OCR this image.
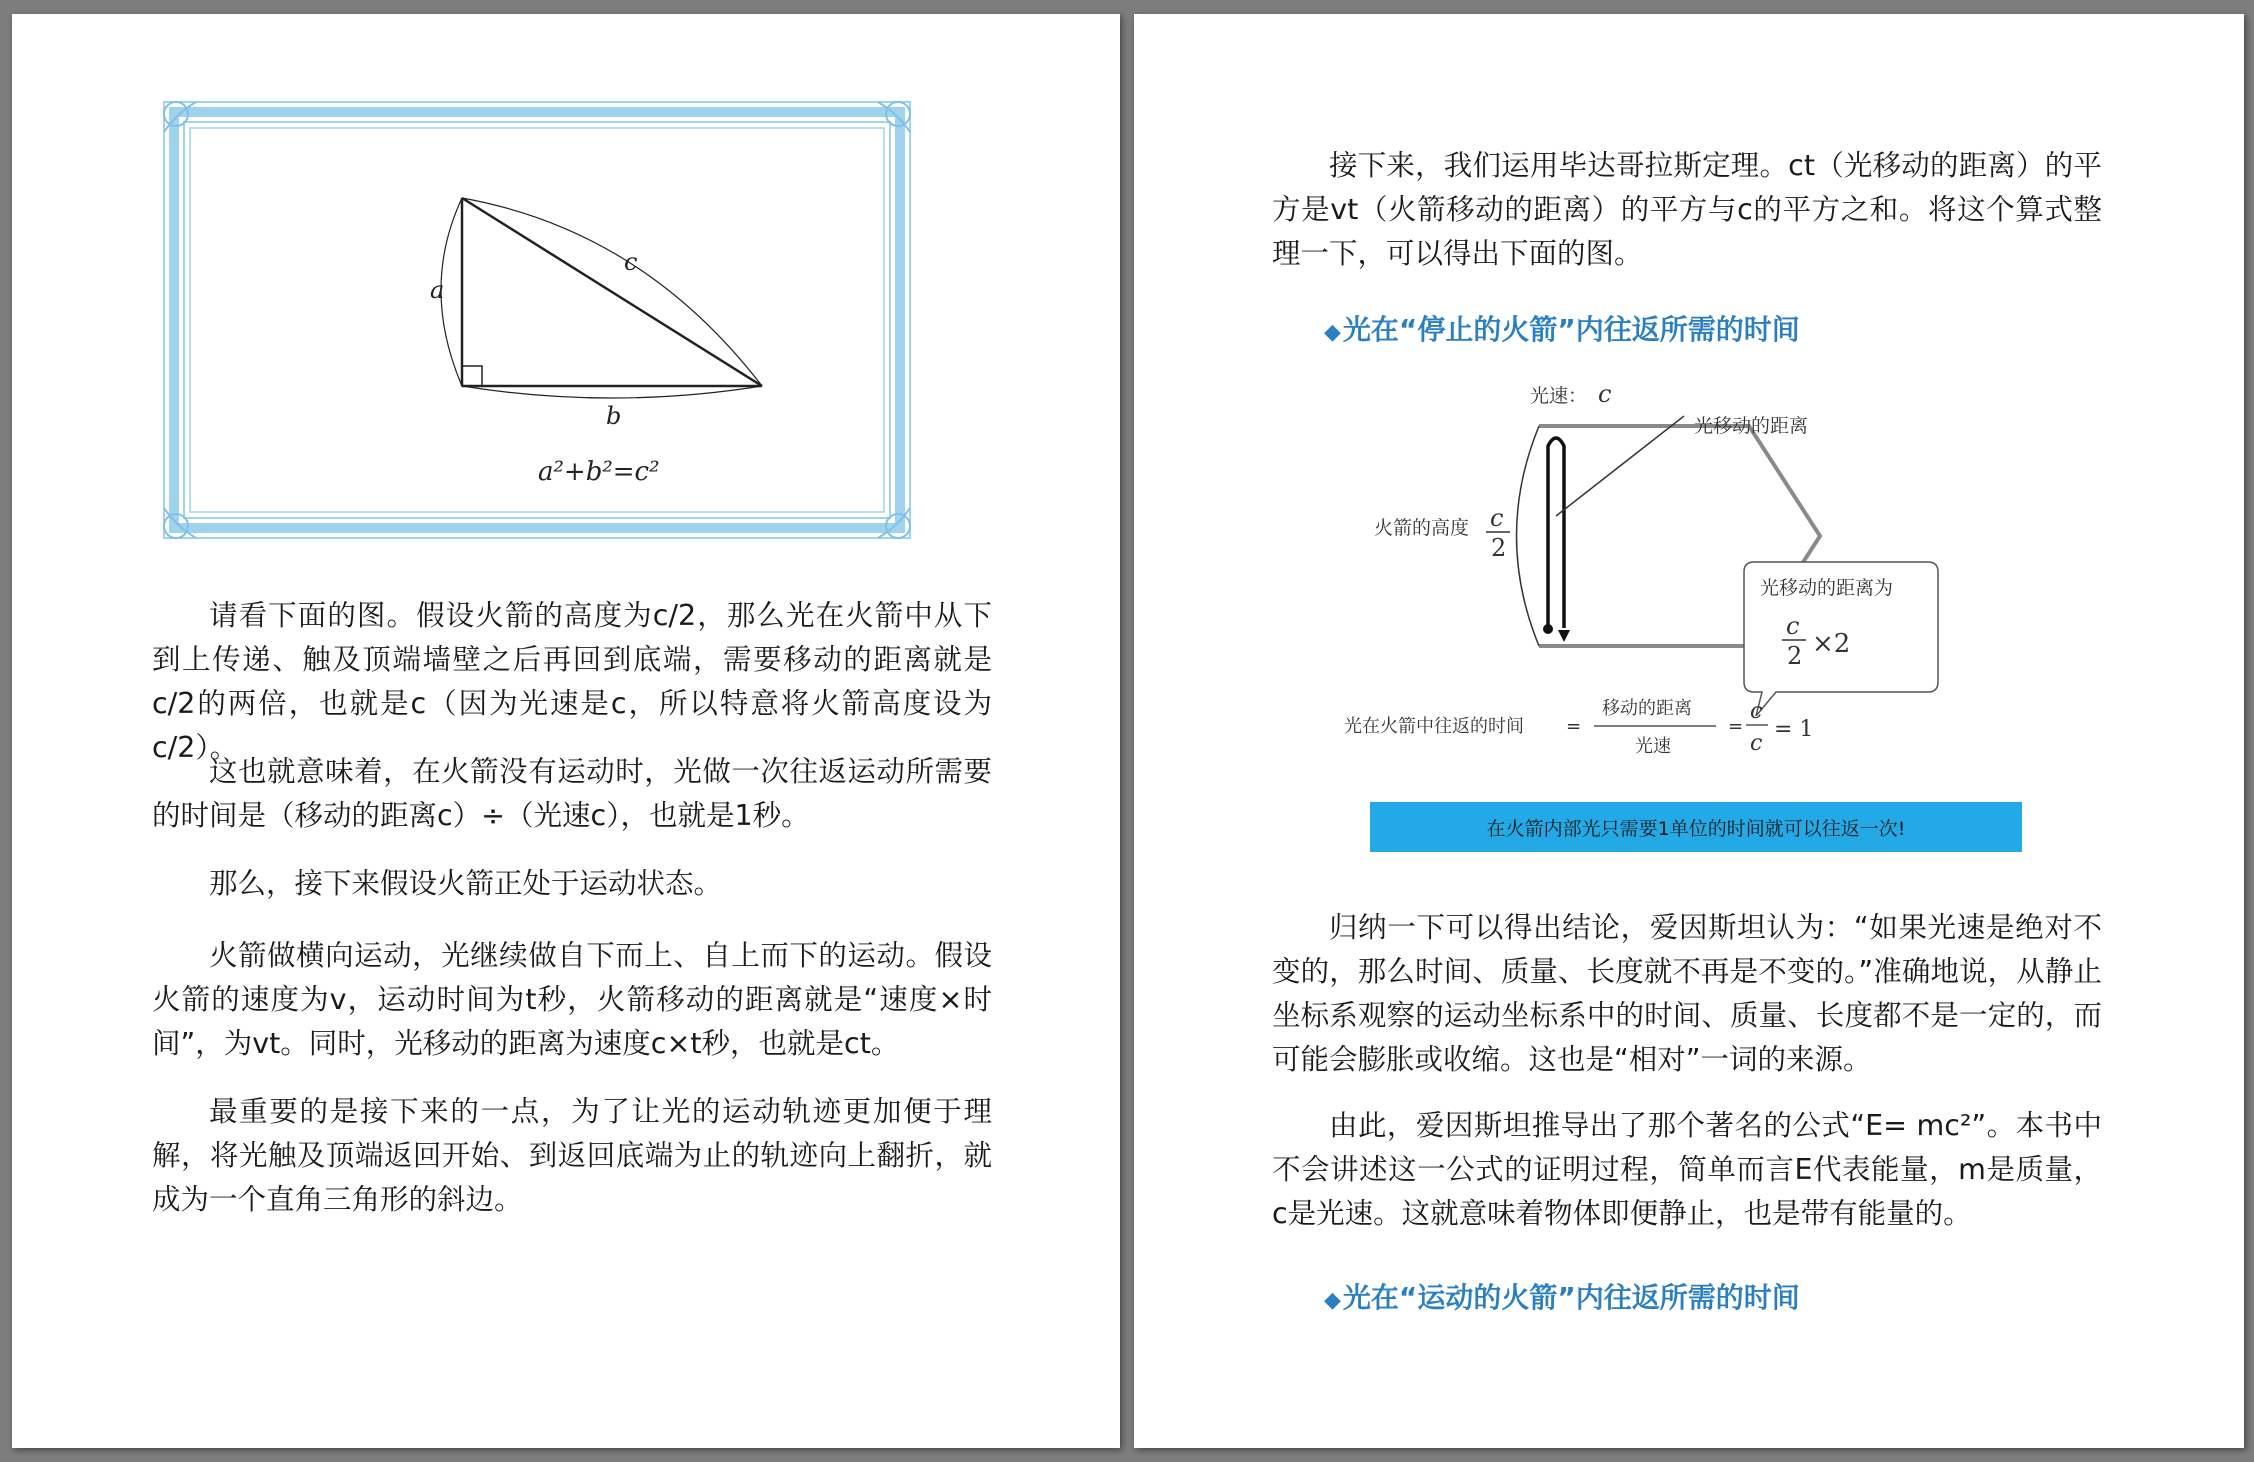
a
c
b
a²+b²=c²

请看下面的图。假设火箭的高度为c/2，那么光在火箭中从下到上传递、触及顶端墙壁之后再回到底端，需要移动的距离就是c/2的两倍，也就是c（因为光速是c，所以特意将火箭高度设为c/2）。

这也就意味着，在火箭没有运动时，光做一次往返运动所需要的时间是（移动的距离c）÷（光速c），也就是1秒。

那么，接下来假设火箭正处于运动状态。

火箭做横向运动，光继续做自下而上、自上而下的运动。假设火箭的速度为v，运动时间为t秒，火箭移动的距离就是“速度×时间”，为vt。同时，光移动的距离为速度c×t秒，也就是ct。

最重要的是接下来的一点，为了让光的运动轨迹更加便于理解，将光触及顶端返回开始、到返回底端为止的轨迹向上翻折，就成为一个直角三角形的斜边。

接下来，我们运用毕达哥拉斯定理。ct（光移动的距离）的平方是vt（火箭移动的距离）的平方与c的平方之和。将这个算式整理一下，可以得出下面的图。

◆光在“停止的火箭”内往返所需的时间
光速： c
光移动的距离
火箭的高度 c
2
光移动的距离为
c
2 ×2
光在火箭中往返的时间 =
移动的距离
光速
=
c
c
= 1
在火箭内部光只需要1单位的时间就可以往返一次!

归纳一下可以得出结论，爱因斯坦认为：“如果光速是绝对不变的，那么时间、质量、长度就不再是不变的。”准确地说，从静止坐标系观察的运动坐标系中的时间、质量、长度都不是一定的，而可能会膨胀或收缩。这也是“相对”一词的来源。

由此，爱因斯坦推导出了那个著名的公式“E= mc²”。本书中不会讲述这一公式的证明过程，简单而言E代表能量，m是质量，c是光速。这就意味着物体即便静止，也是带有能量的。

◆光在“运动的火箭”内往返所需的时间
